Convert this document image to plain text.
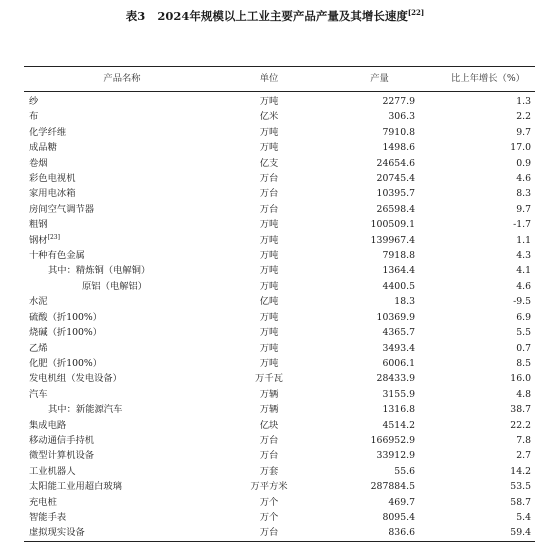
表3 2024年规模以上工业主要产品产量及其增长速度[22]
产品名称	单位	产量	比上年增长（%）
纱	万吨	2277.9	1.3
布	亿米	306.3	2.2
化学纤维	万吨	7910.8	9.7
成品糖	万吨	1498.6	17.0
卷烟	亿支	24654.6	0.9
彩色电视机	万台	20745.4	4.6
家用电冰箱	万台	10395.7	8.3
房间空气调节器	万台	26598.4	9.7
粗钢	万吨	100509.1	-1.7
钢材[23]	万吨	139967.4	1.1
十种有色金属	万吨	7918.8	4.3
其中：精炼铜（电解铜）	万吨	1364.4	4.1
原铝（电解铝）	万吨	4400.5	4.6
水泥	亿吨	18.3	-9.5
硫酸（折100%）	万吨	10369.9	6.9
烧碱（折100%）	万吨	4365.7	5.5
乙烯	万吨	3493.4	0.7
化肥（折100%）	万吨	6006.1	8.5
发电机组（发电设备）	万千瓦	28433.9	16.0
汽车	万辆	3155.9	4.8
其中：新能源汽车	万辆	1316.8	38.7
集成电路	亿块	4514.2	22.2
移动通信手持机	万台	166952.9	7.8
微型计算机设备	万台	33912.9	2.7
工业机器人	万套	55.6	14.2
太阳能工业用超白玻璃	万平方米	287884.5	53.5
充电桩	万个	469.7	58.7
智能手表	万个	8095.4	5.4
虚拟现实设备	万台	836.6	59.4
